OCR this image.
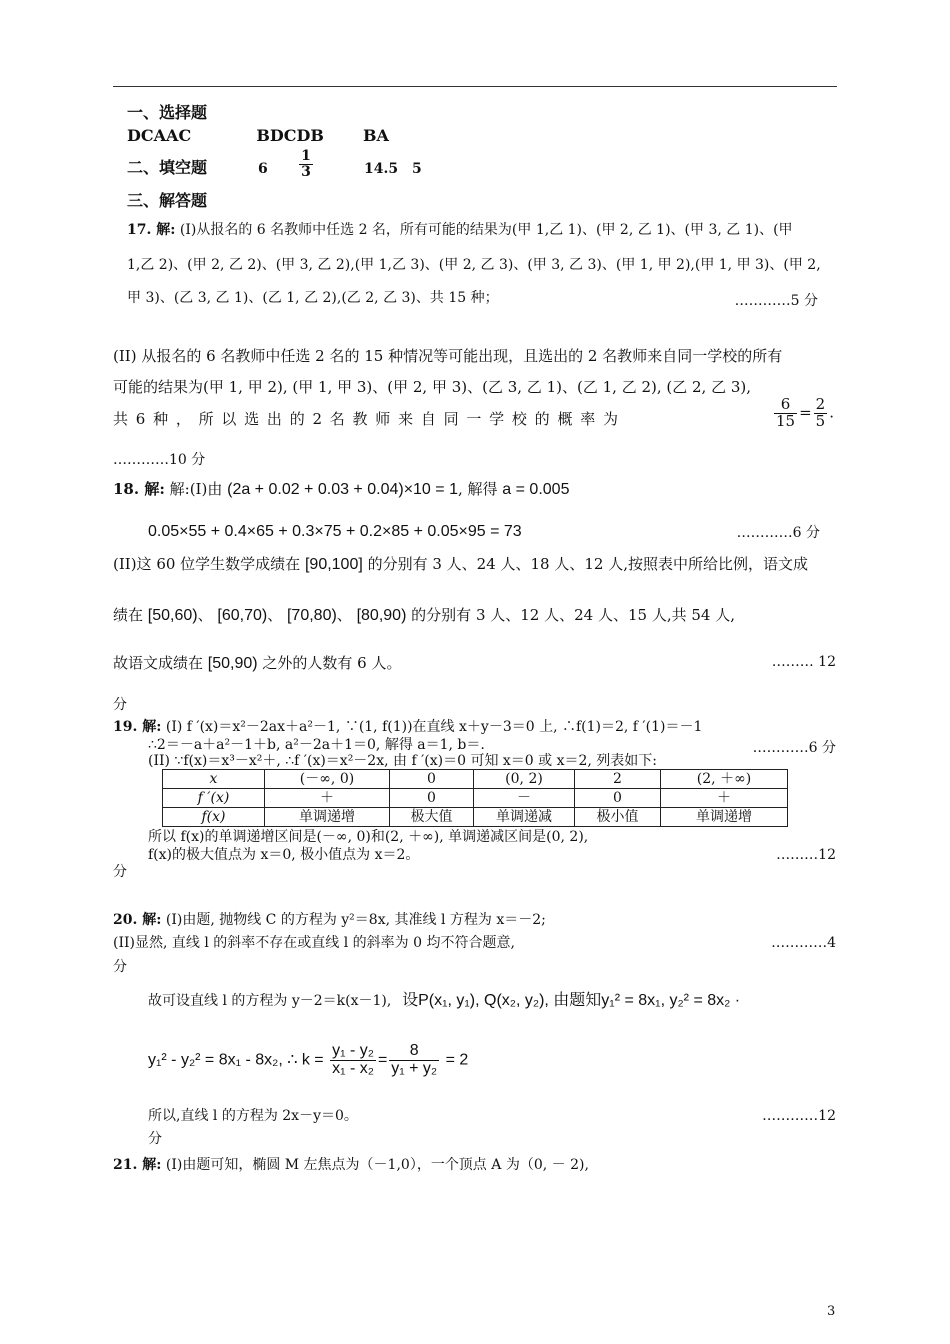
一、选择题
DCAAC	BDCDB BA
二、填空题	$6 \frac{1}{3}$	14.5 5
三、解答题
17. 解: (I)从报名的 6 名教师中任选 2 名，所有可能的结果为(甲 1,乙 1)、(甲 2, 乙 1)、(甲 3, 乙 1)、(甲
1,乙 2)、(甲 2, 乙 2)、(甲 3, 乙 2),(甲 1,乙 3)、(甲 2, 乙 3)、(甲 3, 乙 3)、(甲 1, 甲 2),(甲 1, 甲 3)、(甲 2,
甲 3)、(乙 3, 乙 1)、(乙 1, 乙 2),(乙 2, 乙 3)、共 15 种；	…………5 分
(II) 从报名的 6 名教师中任选 2 名的 15 种情况等可能出现，且选出的 2 名教师来自同一学校的所有
可能的结果为(甲 1, 甲 2), (甲 1, 甲 3)、(甲 2, 甲 3)、(乙 3, 乙 1)、(乙 1, 乙 2), (乙 2, 乙 3),
共 6 种 ， 所 以 选 出 的 2 名 教 师 来 自 同 一 学 校 的 概 率 为	$\frac{6}{15} = \frac{2}{5}$ .
…………10 分
18. 解: 解:(Ⅰ)由 (2a + 0.02 + 0.03 + 0.04)×10 = 1, 解得 a = 0.005
0.05×55 + 0.4×65 + 0.3×75 + 0.2×85 + 0.05×95 = 73	…………6 分
(II)这 60 位学生数学成绩在 [90,100] 的分别有 3 人、24 人、18 人、12 人,按照表中所给比例，语文成
绩在 [50,60)、 [60,70)、 [70,80)、 [80,90) 的分别有 3 人、12 人、24 人、15 人,共 54 人,
故语文成绩在 [50,90) 之外的人数有 6 人。	……… 12
分
19. 解: (Ⅰ) f ′(x)＝x²－2ax＋a²－1, ∵(1, f(1))在直线 x＋y－3＝0 上, ∴f(1)＝2, f ′(1)＝－1
∴2＝－a＋a²－1＋b, a²－2a＋1＝0, 解得 a＝1, b＝.	…………6 分
(II) ∵f(x)＝x³－x²＋, ∴f ′(x)＝x²－2x, 由 f ′(x)＝0 可知 x＝0 或 x＝2, 列表如下:
x	(－∞, 0)	0	(0, 2)	2	(2, ＋∞)
f ′(x)	＋	0	－	0	＋
f(x)	单调递增	极大值	单调递减	极小值	单调递增
所以 f(x)的单调递增区间是(－∞, 0)和(2, ＋∞), 单调递减区间是(0, 2),
f(x)的极大值点为 x＝0, 极小值点为 x＝2。	………12
分
20. 解: (I)由题, 抛物线 C 的方程为 y²＝8x, 其准线 l 方程为 x＝－2;
(II)显然, 直线 l 的斜率不存在或直线 l 的斜率为 0 均不符合题意,	…………4
分
故可设直线 l 的方程为 y－2＝k(x－1), 设P(x₁, y₁), Q(x₂, y₂), 由题知y₁² = 8x₁, y₂² = 8x₂ ·
y₁² - y₂² = 8x₁ - 8x₂, ∴ $k = \frac{\text{y₁ - y₂}}{\text{x₁ - x₂}} = \frac{8}{\text{y₁ + y₂}} = 2$
所以,直线 l 的方程为 2x－y＝0。	…………12
分
21. 解: (I)由题可知，椭圆 M 左焦点为（－1,0），一个顶点 A 为（0, － 2),
3
